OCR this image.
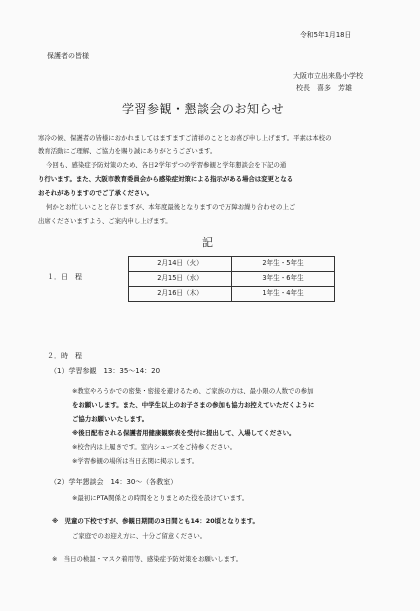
令和5年1月18日
保護者の皆様
大阪市立出来島小学校
校長　喜多　芳雄
学習参観・懇談会のお知らせ
寒冷の候、保護者の皆様におかれましてはますますご清祥のこととお喜び申し上げます。平素は本校の
教育活動にご理解、ご協力を賜り誠にありがとうございます。
今回も、感染症予防対策のため、各日2学年ずつの学習参観と学年懇談会を下記の通
り行います。また、大阪市教育委員会から感染症対策による指示がある場合は変更となる
おそれがありますのでご了承ください。
何かとお忙しいことと存じますが、本年度最後となりますので万障お繰り合わせの上ご
出席くださいますよう、ご案内申し上げます。
記
１．日　程
2月14日（火）	2年生・5年生
2月15日（水）	3年生・6年生
2月16日（木）	1年生・4年生
２．時　程
（1）学習参観　13：35～14：20
※教室やろうかでの密集・密接を避けるため、ご家族の方は、最小限の人数での参加
をお願いします。また、中学生以上のお子さまの参加も協力お控えていただくように
ご協力お願いいたします。
※後日配布される保護者用健康観察表を受付に提出して、入場してください。
※校舎内は上履きです。室内シューズをご持参ください。
※学習参観の場所は当日玄関に掲示します。
（2）学年懇談会　14：30～（各教室）
※最初にPTA関係との時間をとりまとめた役を設けています。
※　児童の下校ですが、参観日期間の3日間とも14：20頃となります。
ご家庭でのお迎え方に、十分ご留意ください。
※　当日の検温・マスク着用等、感染症予防対策をお願いします。
